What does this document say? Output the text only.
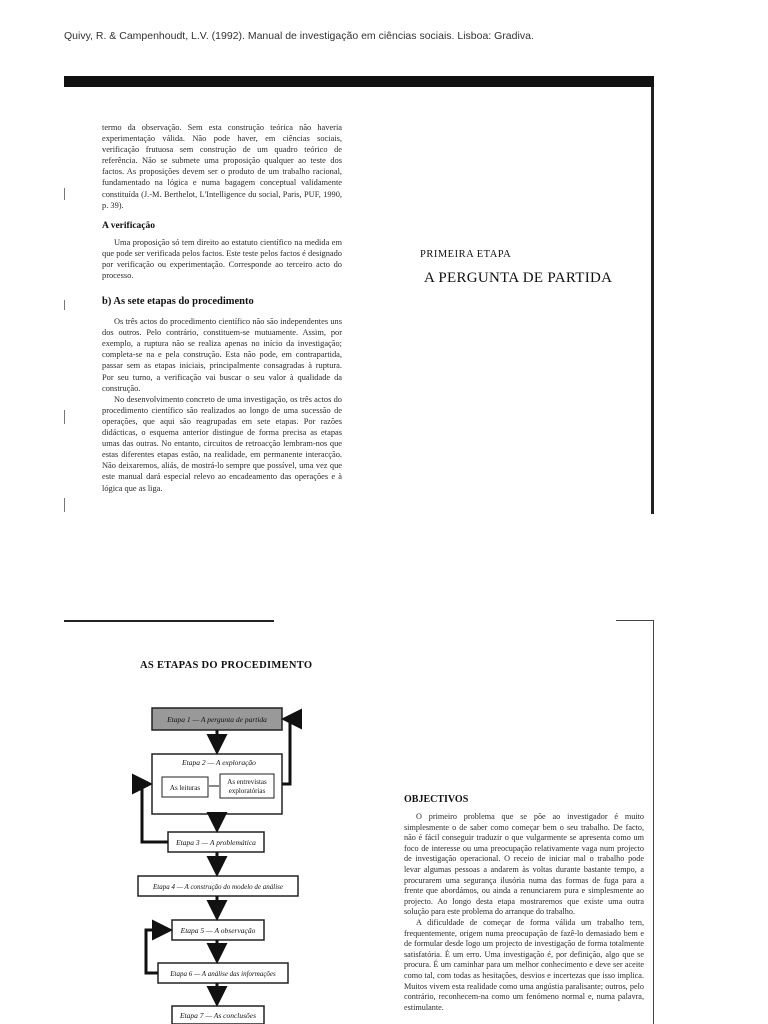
Quivy, R. & Campenhoudt, L.V. (1992). Manual de investigação em ciências sociais. Lisboa: Gradiva.

termo da observação. Sem esta construção teórica não haveria experimentação válida. Não pode haver, em ciências sociais, verificação frutuosa sem construção de um quadro teórico de referência. Não se submete uma proposição qualquer ao teste dos factos. As proposições devem ser o produto de um trabalho racional, fundamentado na lógica e numa bagagem conceptual validamente constituída (J.-M. Berthelot, L'Intelligence du social, Paris, PUF, 1990, p. 39).

A verificação

Uma proposição só tem direito ao estatuto científico na medida em que pode ser verificada pelos factos. Este teste pelos factos é designado por verificação ou experimentação. Corresponde ao terceiro acto do processo.

b) As sete etapas do procedimento

Os três actos do procedimento científico não são independentes uns dos outros. Pelo contrário, constituem-se mutuamente. Assim, por exemplo, a ruptura não se realiza apenas no início da investigação; completa-se na e pela construção. Esta não pode, em contrapartida, passar sem as etapas iniciais, principalmente consagradas à ruptura. Por seu turno, a verificação vai buscar o seu valor à qualidade da construção.

No desenvolvimento concreto de uma investigação, os três actos do procedimento científico são realizados ao longo de uma sucessão de operações, que aqui são reagrupadas em sete etapas. Por razões didácticas, o esquema anterior distingue de forma precisa as etapas umas das outras. No entanto, circuitos de retroacção lembram-nos que estas diferentes etapas estão, na realidade, em permanente interacção. Não deixaremos, aliás, de mostrá-lo sempre que possível, uma vez que este manual dará especial relevo ao encadeamento das operações e à lógica que as liga.

PRIMEIRA ETAPA
A PERGUNTA DE PARTIDA
AS ETAPAS DO PROCEDIMENTO
Etapa 1 — A pergunta de partida
Etapa 2 — A exploração
As leituras
As entrevistas
exploratórias
Etapa 3 — A problemática
Etapa 4 — A construção do modelo de análise
Etapa 5 — A observação
Etapa 6 — A análise das informações
Etapa 7 — As conclusões
OBJECTIVOS

O primeiro problema que se põe ao investigador é muito simplesmente o de saber como começar bem o seu trabalho. De facto, não é fácil conseguir traduzir o que vulgarmente se apresenta como um foco de interesse ou uma preocupação relativamente vaga num projecto de investigação operacional. O receio de iniciar mal o trabalho pode levar algumas pessoas a andarem às voltas durante bastante tempo, a procurarem uma segurança ilusória numa das formas de fuga para a frente que abordámos, ou ainda a renunciarem pura e simplesmente ao projecto. Ao longo desta etapa mostraremos que existe uma outra solução para este problema do arranque do trabalho.

A dificuldade de começar de forma válida um trabalho tem, frequentemente, origem numa preocupação de fazê-lo demasiado bem e de formular desde logo um projecto de investigação de forma totalmente satisfatória. É um erro. Uma investigação é, por definição, algo que se procura. É um caminhar para um melhor conhecimento e deve ser aceite como tal, com todas as hesitações, desvios e incertezas que isso implica. Muitos vivem esta realidade como uma angústia paralisante; outros, pelo contrário, reconhecem-na como um fenómeno normal e, numa palavra, estimulante.
